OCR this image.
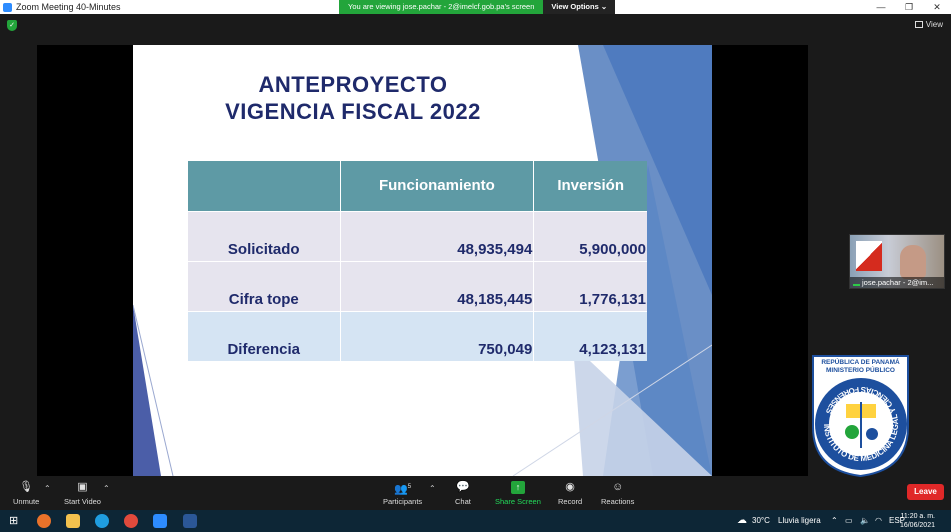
Zoom Meeting 40-Minutes	You are viewing jose.pachar - 2@imelcf.gob.pa's screen	View Options ⌄	—	❐	✕
✓	View
ANTEPROYECTO
VIGENCIA FISCAL 2022
	Funcionamiento	Inversión
Solicitado	48,935,494	5,900,000
Cifra tope	48,185,445	1,776,131
Diferencia	750,049	4,123,131
jose.pachar - 2@im...
REPÚBLICA DE PANAMÁ
MINISTERIO PÚBLICO
INSTITUTO DE MEDICINA LEGAL Y CIENCIAS FORENSES
🎙
Unmute
⌃	▣
Start Video
⌃	👥$^5$
Participants
⌃ 💬
Chat
↑
Share Screen
◉
Record
☺
Reactions
Leave
⊞	☁ 30°C Lluvia ligera ⌃ ▭ 🔈 ◠ ESP
11:20 a. m.
16/06/2021
